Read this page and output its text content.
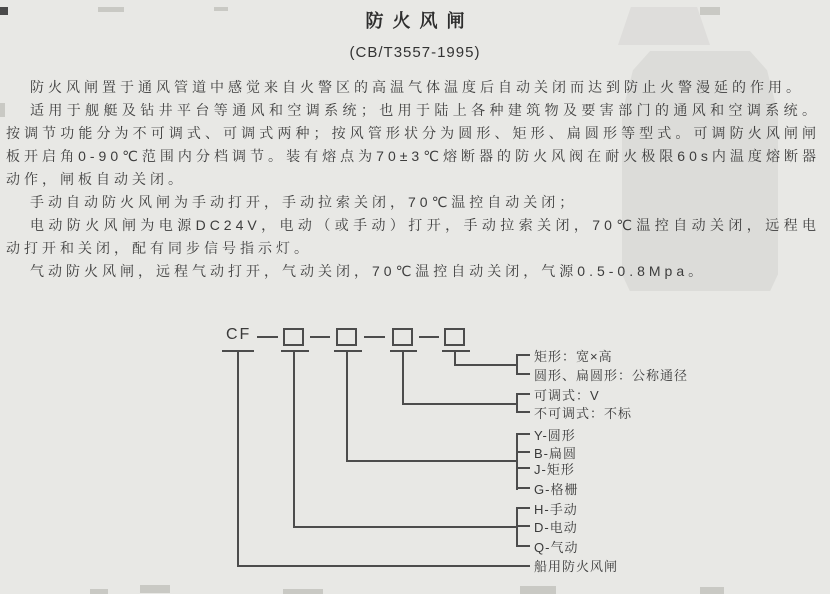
防火风闸
(CB/T3557-1995)

防火风闸置于通风管道中感觉来自火警区的高温气体温度后自动关闭而达到防止火警漫延的作用。

适用于舰艇及钻井平台等通风和空调系统；也用于陆上各种建筑物及要害部门的通风和空调系统。按调节功能分为不可调式、可调式两种；按风管形状分为圆形、矩形、扁圆形等型式。可调防火风闸闸板开启角0-90℃范围内分档调节。装有熔点为70±3℃熔断器的防火风阀在耐火极限60s内温度熔断器动作，闸板自动关闭。

手动自动防火风闸为手动打开，手动拉索关闭，70℃温控自动关闭；

电动防火风闸为电源DC24V，电动（或手动）打开，手动拉索关闭，70℃温控自动关闭，远程电动打开和关闭，配有同步信号指示灯。

气动防火风闸，远程气动打开，气动关闭，70℃温控自动关闭，气源0.5-0.8Mpa。

CF
矩形：宽×高
圆形、扁圆形：公称通径
可调式：V
不可调式：不标
Y-圆形
B-扁圆
J-矩形
G-格栅
H-手动
D-电动
Q-气动
船用防火风闸
